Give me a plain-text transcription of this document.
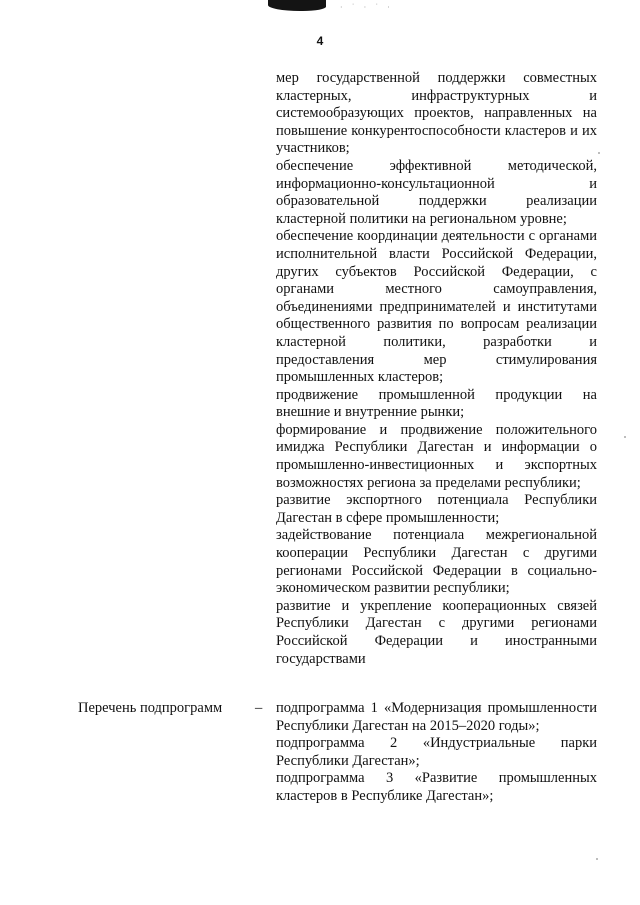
· ˙ · ˙ ·
4
мер государственной поддержки совместных кластерных, инфраструктурных и системообразующих проектов, направленных на повышение конкурентоспособности кластеров и их участников;
обеспечение эффективной методической, информационно-консультационной и образовательной поддержки реализации кластерной политики на региональном уровне;
обеспечение координации деятельности с органами исполнительной власти Российской Федерации, других субъектов Российской Федерации, с органами местного самоуправления, объединениями предпринимателей и институтами общественного развития по вопросам реализации кластерной политики, разработки и предоставления мер стимулирования промышленных кластеров;
продвижение промышленной продукции на внешние и внутренние рынки;
формирование и продвижение положительного имиджа Республики Дагестан и информации о промышленно-инвестиционных и экспортных возможностях региона за пределами республики;
развитие экспортного потенциала Республики Дагестан в сфере промышленности;
задействование потенциала межрегиональной кооперации Республики Дагестан с другими регионами Российской Федерации в социально-экономическом развитии республики;
развитие и укрепление кооперационных связей Республики Дагестан с другими регионами Российской Федерации и иностранными государствами
Перечень подпрограмм – подпрограмма 1 «Модернизация промышленности Республики Дагестан на 2015–2020 годы»;
подпрограмма 2 «Индустриальные парки Республики Дагестан»;
подпрограмма 3 «Развитие промышленных кластеров в Республике Дагестан»;
